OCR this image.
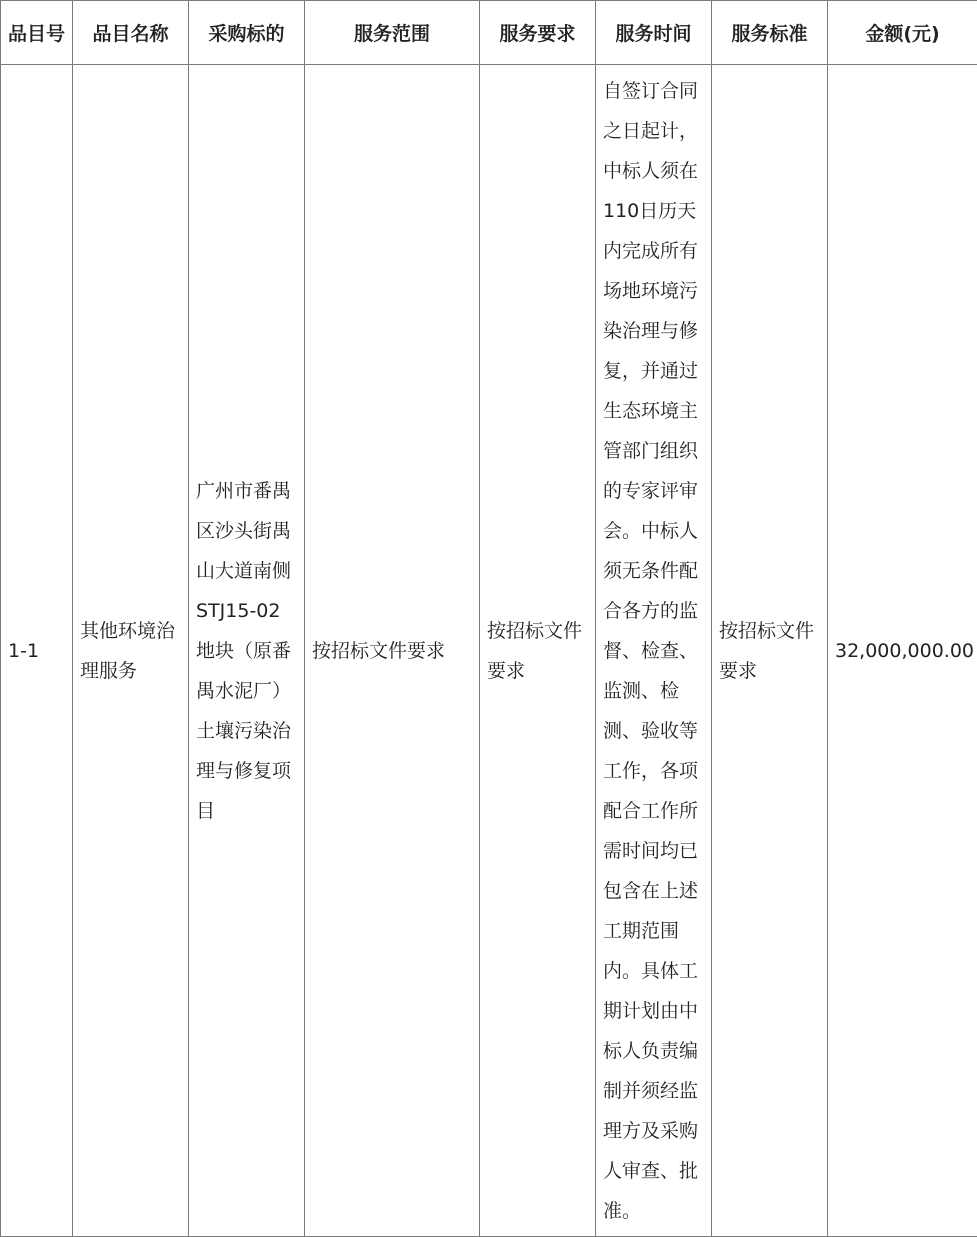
品目号	品目名称	采购标的	服务范围	服务要求	服务时间	服务标准	金额(元)
1-1	其他环境治理服务	广州市番禺区沙头街禺山大道南侧STJ15-02地块（原番禺水泥厂）土壤污染治理与修复项目	按招标文件要求	按招标文件要求	自签订合同之日起计，中标人须在110日历天内完成所有场地环境污染治理与修复，并通过生态环境主管部门组织的专家评审会。中标人须无条件配合各方的监督、检查、监测、检测、验收等工作，各项配合工作所需时间均已包含在上述工期范围内。具体工期计划由中标人负责编制并须经监理方及采购人审查、批准。	按招标文件要求	32,000,000.00
